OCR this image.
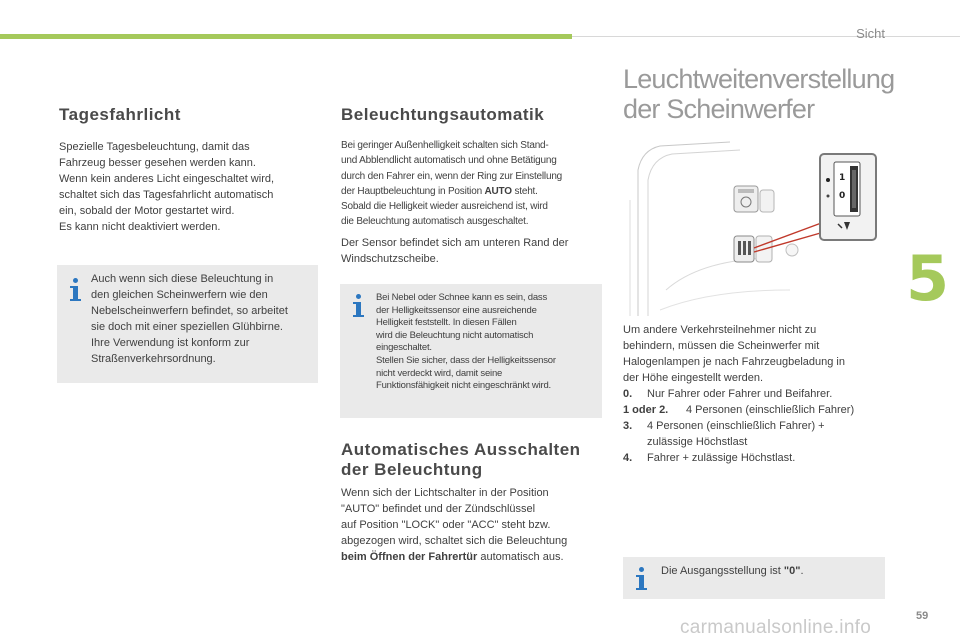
Sicht
5
59
carmanualsonline.info
Tagesfahrlicht
Spezielle Tagesbeleuchtung, damit das
Fahrzeug besser gesehen werden kann.
Wenn kein anderes Licht eingeschaltet wird,
schaltet sich das Tagesfahrlicht automatisch
ein, sobald der Motor gestartet wird.
Es kann nicht deaktiviert werden.
Auch wenn sich diese Beleuchtung in
den gleichen Scheinwerfern wie den
Nebelscheinwerfern befindet, so arbeitet
sie doch mit einer speziellen Glühbirne.
Ihre Verwendung ist konform zur
Straßenverkehrsordnung.
Beleuchtungsautomatik
Bei geringer Außenhelligkeit schalten sich Stand-
und Abblendlicht automatisch und ohne Betätigung
durch den Fahrer ein, wenn der Ring zur Einstellung
der Hauptbeleuchtung in Position AUTO steht.
Sobald die Helligkeit wieder ausreichend ist, wird
die Beleuchtung automatisch ausgeschaltet.
Der Sensor befindet sich am unteren Rand der
Windschutzscheibe.
Bei Nebel oder Schnee kann es sein, dass
der Helligkeitssensor eine ausreichende
Helligkeit feststellt. In diesen Fällen
wird die Beleuchtung nicht automatisch
eingeschaltet.
Stellen Sie sicher, dass der Helligkeitssensor
nicht verdeckt wird, damit seine
Funktionsfähigkeit nicht eingeschränkt wird.
Automatisches Ausschalten
der Beleuchtung
Wenn sich der Lichtschalter in der Position
"AUTO" befindet und der Zündschlüssel
auf Position "LOCK" oder "ACC" steht bzw.
abgezogen wird, schaltet sich die Beleuchtung
beim Öffnen der Fahrertür automatisch aus.
Leuchtweitenverstellung
der Scheinwerfer
1
0
Um andere Verkehrsteilnehmer nicht zu
behindern, müssen die Scheinwerfer mit
Halogenlampen je nach Fahrzeugbeladung in
der Höhe eingestellt werden.
0. Nur Fahrer oder Fahrer und Beifahrer.
1 oder 2. 4 Personen (einschließlich Fahrer)
3. 4 Personen (einschließlich Fahrer) +
zulässige Höchstlast
4. Fahrer + zulässige Höchstlast.
Die Ausgangsstellung ist "0".
